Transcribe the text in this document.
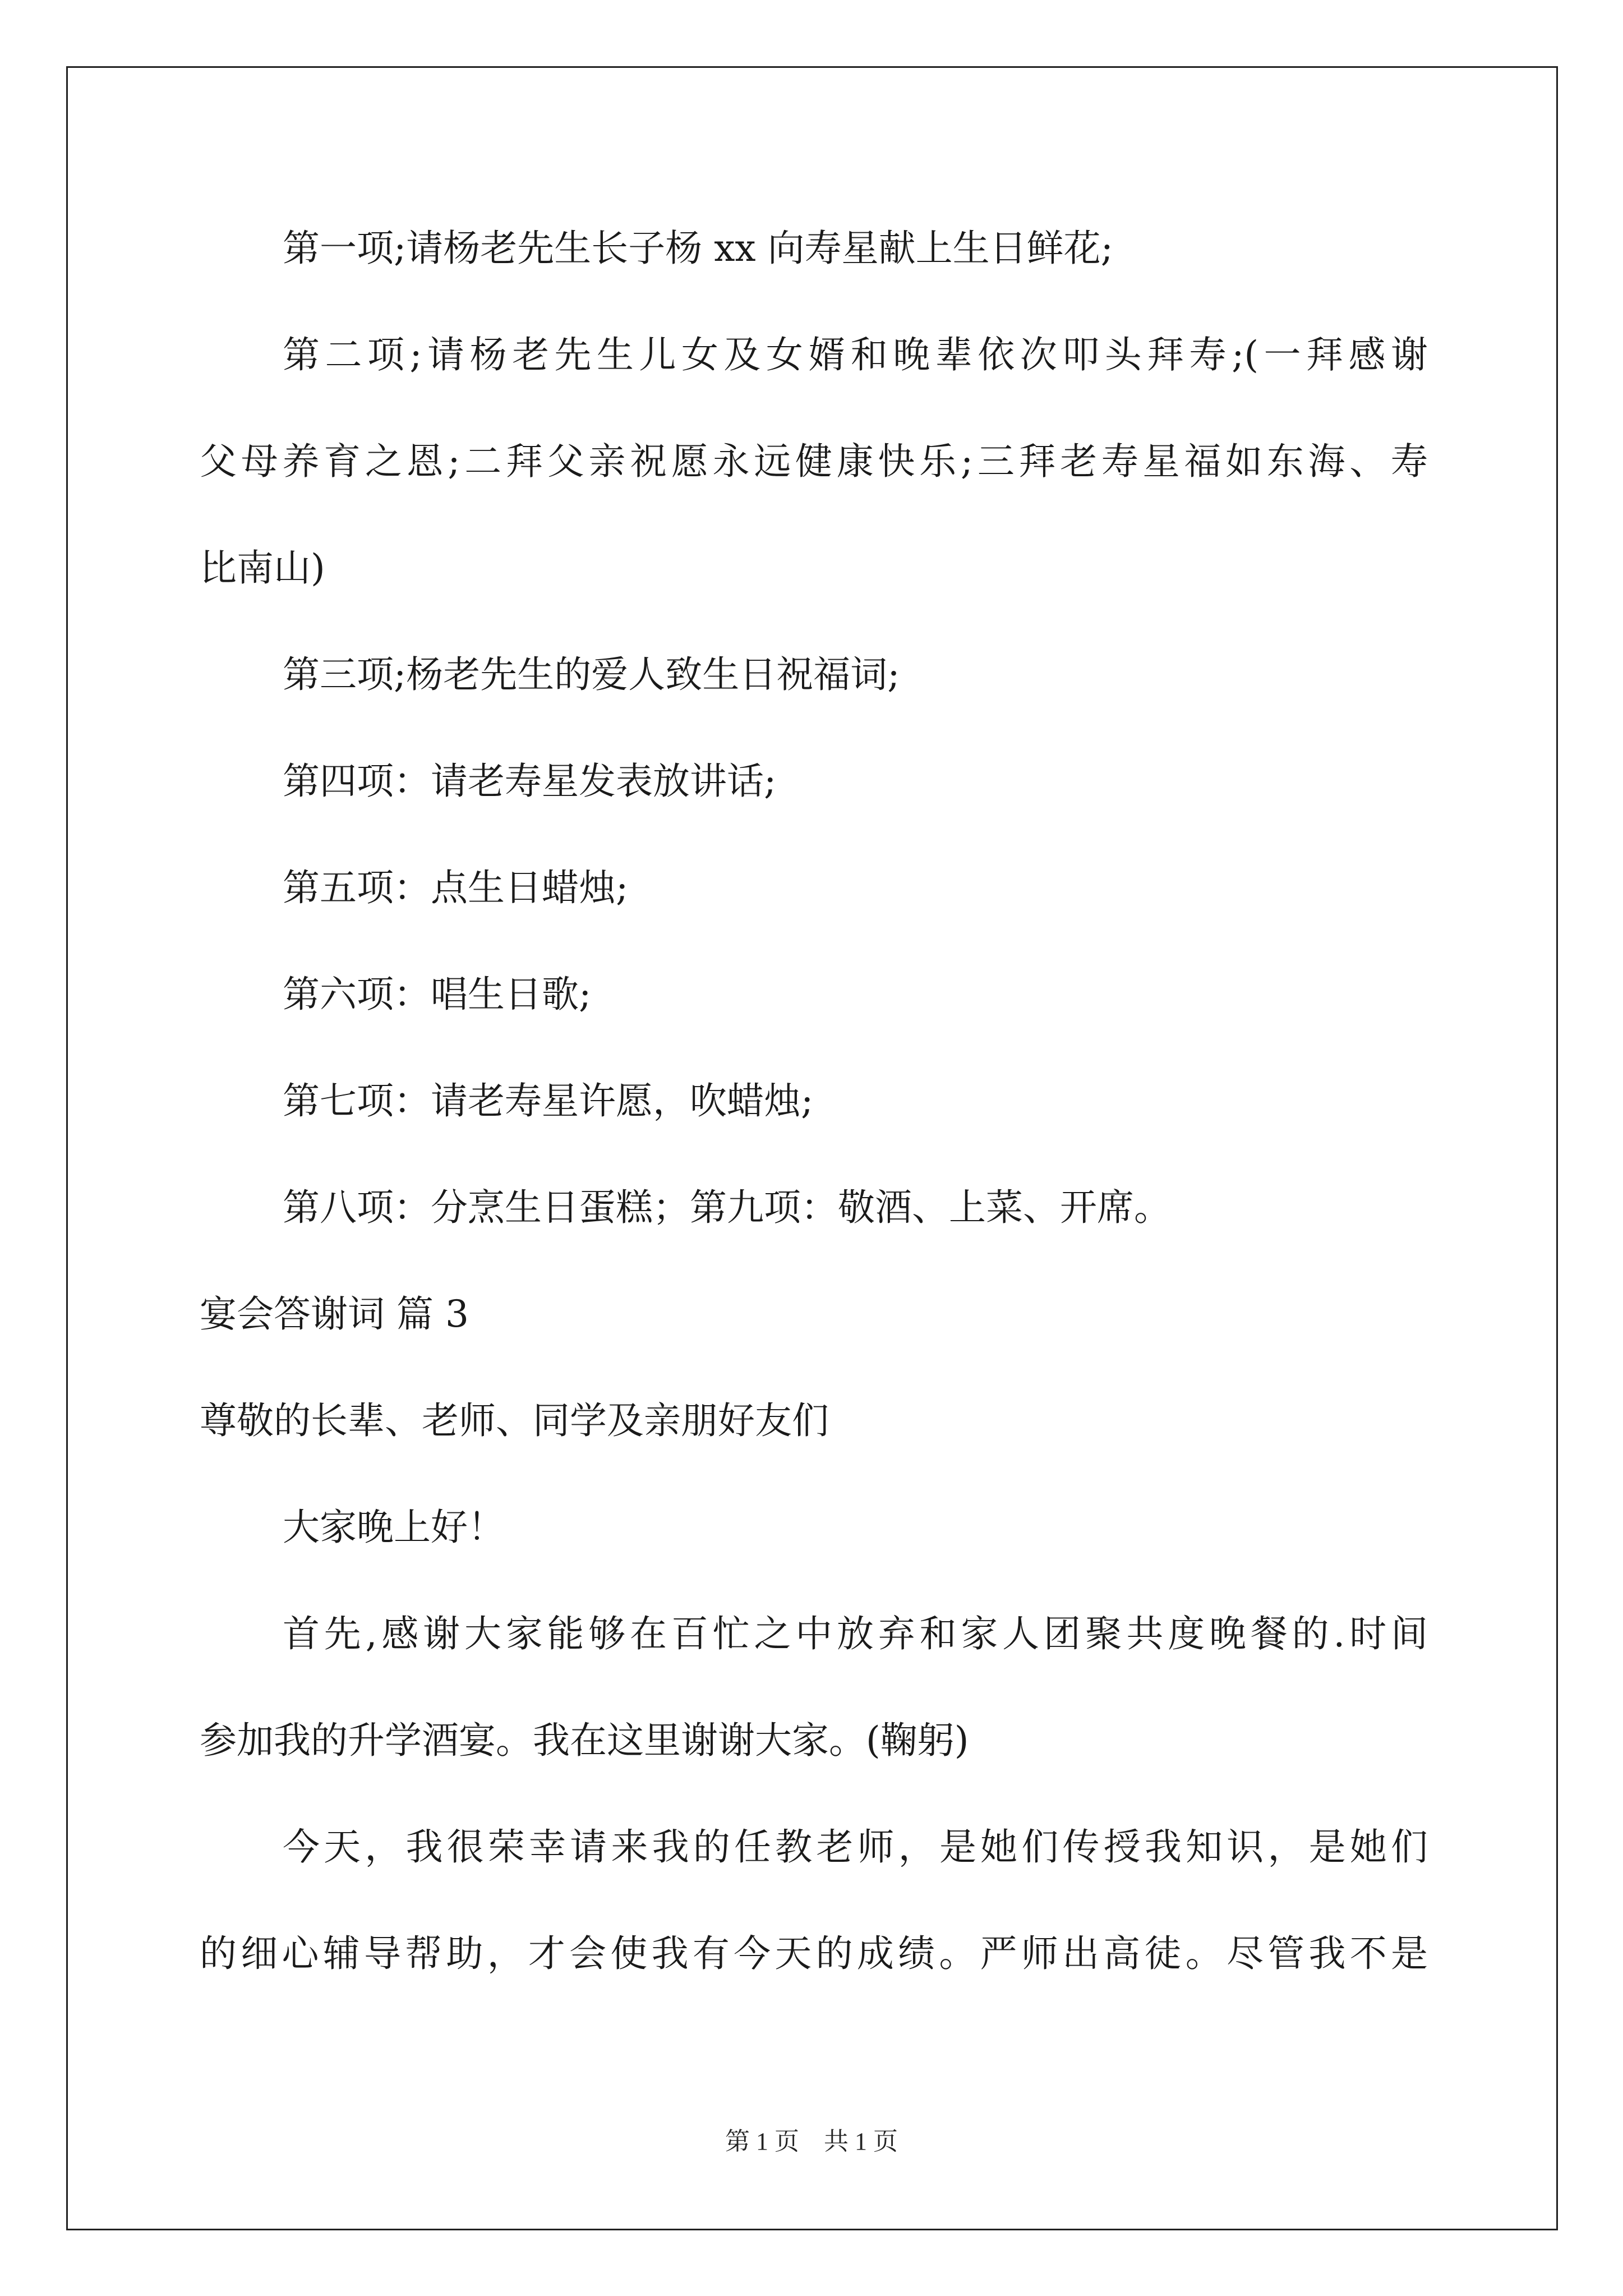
第一项;请杨老先生长子杨 xx 向寿星献上生日鲜花;
第二项;请杨老先生儿女及女婿和晚辈依次叩头拜寿;(一拜感谢
父母养育之恩;二拜父亲祝愿永远健康快乐;三拜老寿星福如东海、寿
比南山)
第三项;杨老先生的爱人致生日祝福词;
第四项：请老寿星发表放讲话;
第五项：点生日蜡烛;
第六项：唱生日歌;
第七项：请老寿星许愿，吹蜡烛;
第八项：分烹生日蛋糕；第九项：敬酒、上菜、开席。
宴会答谢词 篇 3
尊敬的长辈、老师、同学及亲朋好友们
大家晚上好！
首先,感谢大家能够在百忙之中放弃和家人团聚共度晚餐的.时间
参加我的升学酒宴。我在这里谢谢大家。(鞠躬)
今天，我很荣幸请来我的任教老师，是她们传授我知识，是她们
的细心辅导帮助，才会使我有今天的成绩。严师出高徒。尽管我不是
第 1 页　共 1 页
